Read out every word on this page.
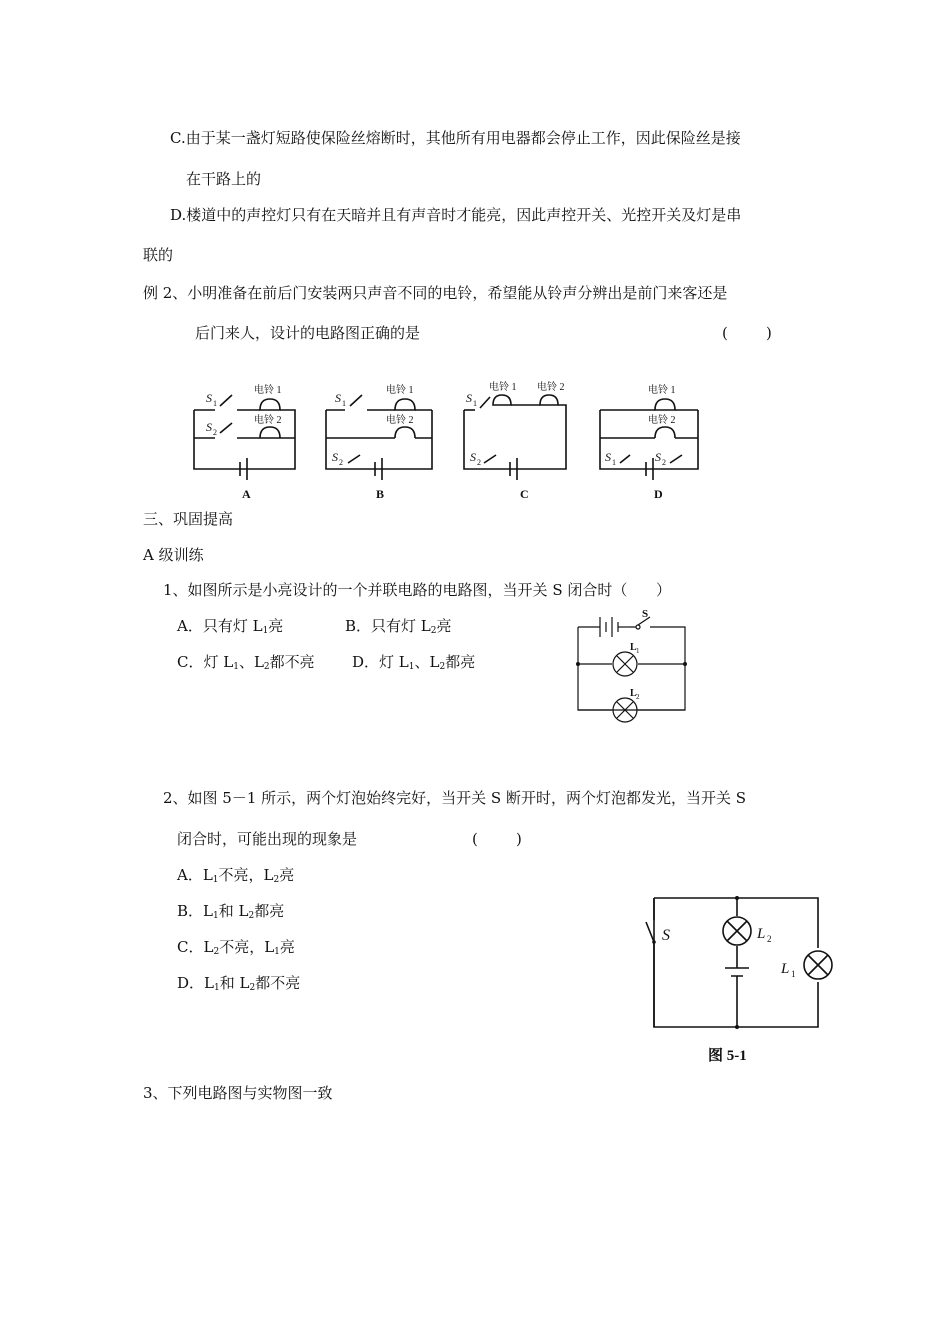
C.由于某一盏灯短路使保险丝熔断时，其他所有用电器都会停止工作，因此保险丝是接
在干路上的
D.楼道中的声控灯只有在天暗并且有声音时才能亮，因此声控开关、光控开关及灯是串
联的
例 2、小明准备在前后门安装两只声音不同的电铃，希望能从铃声分辨出是前门来客还是
后门来人，设计的电路图正确的是	(        )
S 1
S 2
电铃 1
电铃 2
A
S 1
S 2
电铃 1
电铃 2
B
S 1
S 2
电铃 1 电铃 2
C
S 1	S 2
电铃 1
电铃 2
D
三、巩固提高
A 级训练
1、如图所示是小亮设计的一个并联电路的电路图，当开关 S 闭合时（      ）
A．只有灯 $L_1$亮	B．只有灯 $L_2$亮
C．灯 $L_1$、$L_2$都不亮 D．灯 $L_1$、$L_2$都亮
S
L 1
L 2
2、如图 5－1 所示，两个灯泡始终完好，当开关 S 断开时，两个灯泡都发光，当开关 S
闭合时，可能出现的现象是	(        )
A．$L_1$不亮，$L_2$亮
B．$L_1$和 $L_2$都亮
C．$L_2$不亮，$L_1$亮
D．$L_1$和 $L_2$都不亮
S	L 2
L 1
图 5-1
3、下列电路图与实物图一致
